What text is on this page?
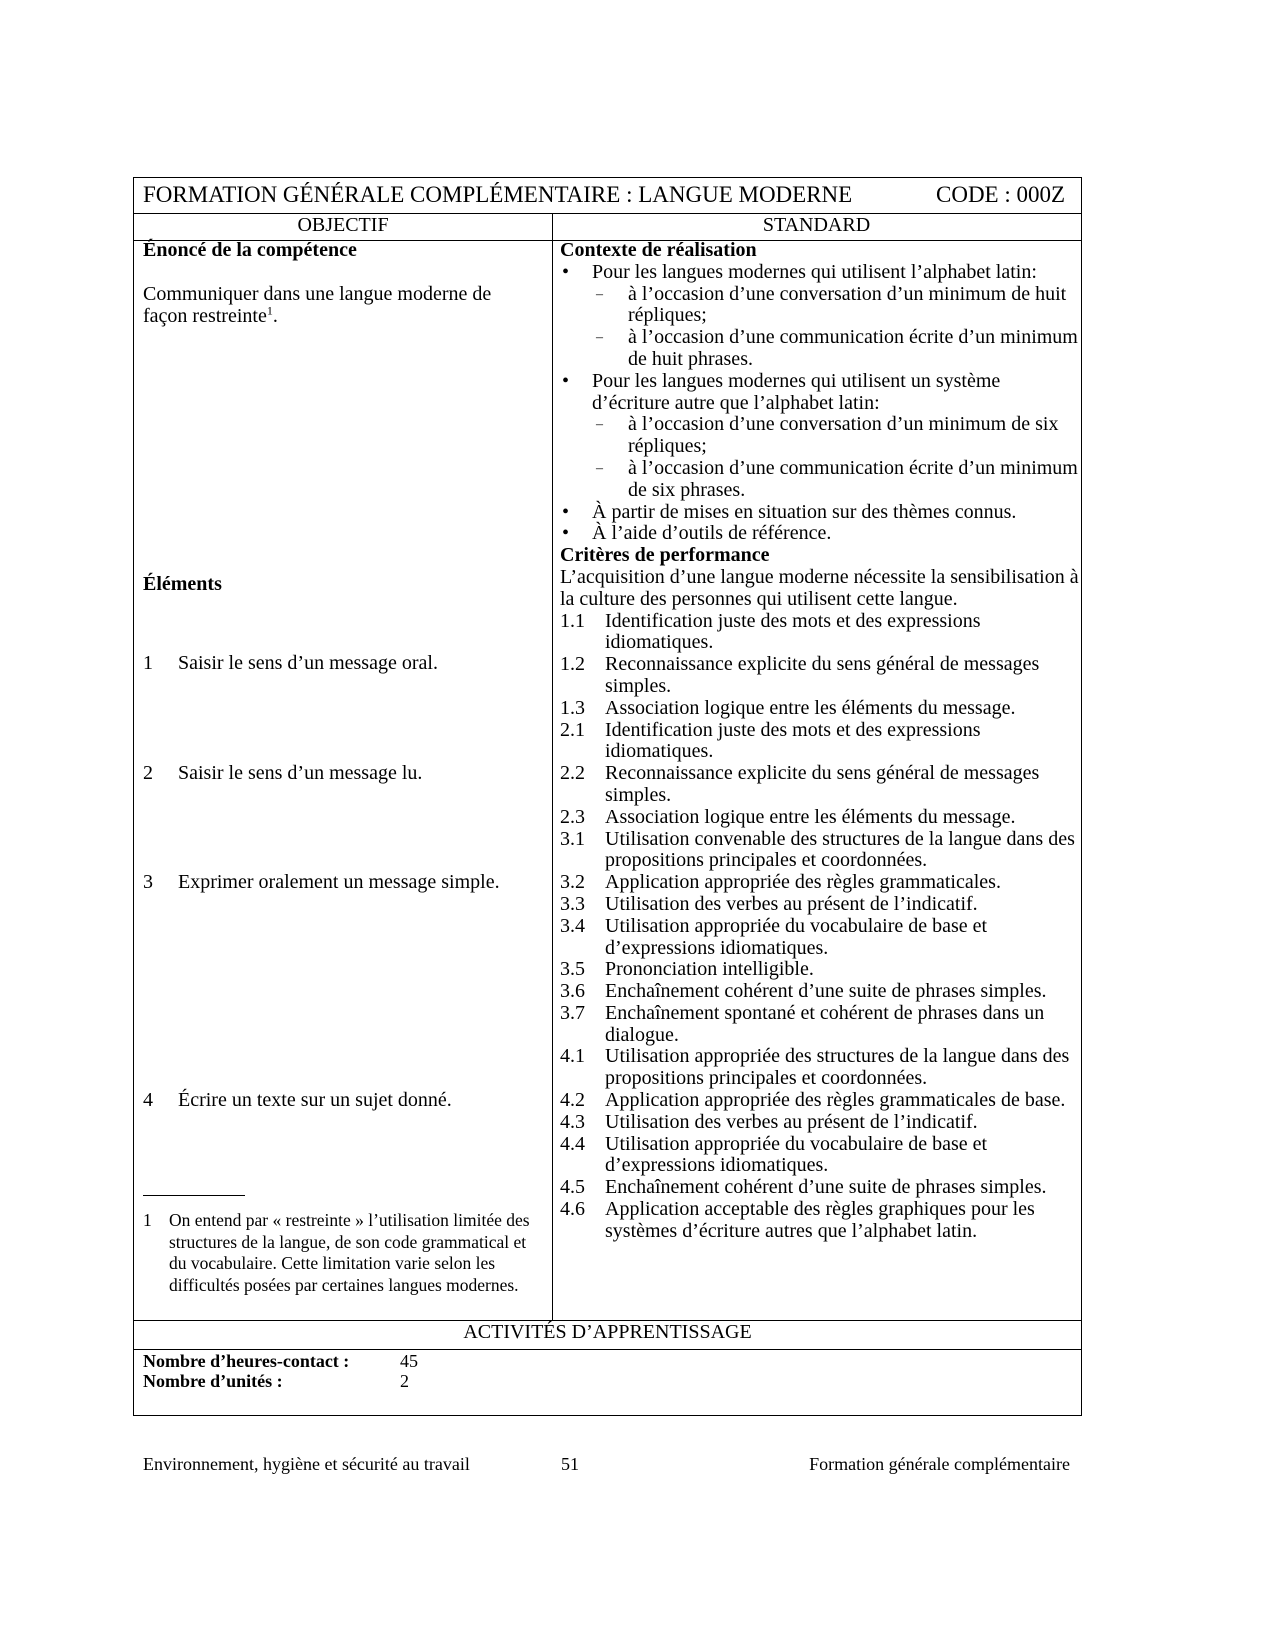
FORMATION GÉNÉRALE COMPLÉMENTAIRE : LANGUE MODERNE	CODE : 000Z
OBJECTIF	STANDARD
Énoncé de la compétence
Communiquer dans une langue moderne de façon restreinte$^1$.
Éléments
1 Saisir le sens d’un message oral.
2 Saisir le sens d’un message lu.
3 Exprimer oralement un message simple.
4 Écrire un texte sur un sujet donné.
1 On entend par « restreinte » l’utilisation limitée des structures de la langue, de son code grammatical et du vocabulaire. Cette limitation varie selon les difficultés posées par certaines langues modernes.
Contexte de réalisation
• Pour les langues modernes qui utilisent l’alphabet latin:
– à l’occasion d’une conversation d’un minimum de huit répliques;
– à l’occasion d’une communication écrite d’un minimum de huit phrases.
• Pour les langues modernes qui utilisent un système d’écriture autre que l’alphabet latin:
– à l’occasion d’une conversation d’un minimum de six répliques;
– à l’occasion d’une communication écrite d’un minimum de six phrases.
• À partir de mises en situation sur des thèmes connus.
• À l’aide d’outils de référence.
Critères de performance
L’acquisition d’une langue moderne nécessite la sensibilisation à la culture des personnes qui utilisent cette langue.
1.1 Identification juste des mots et des expressions idiomatiques.
1.2 Reconnaissance explicite du sens général de messages simples.
1.3 Association logique entre les éléments du message.
2.1 Identification juste des mots et des expressions idiomatiques.
2.2 Reconnaissance explicite du sens général de messages simples.
2.3 Association logique entre les éléments du message.
3.1 Utilisation convenable des structures de la langue dans des propositions principales et coordonnées.
3.2 Application appropriée des règles grammaticales.
3.3 Utilisation des verbes au présent de l’indicatif.
3.4 Utilisation appropriée du vocabulaire de base et d’expressions idiomatiques.
3.5 Prononciation intelligible.
3.6 Enchaînement cohérent d’une suite de phrases simples.
3.7 Enchaînement spontané et cohérent de phrases dans un dialogue.
4.1 Utilisation appropriée des structures de la langue dans des propositions principales et coordonnées.
4.2 Application appropriée des règles grammaticales de base.
4.3 Utilisation des verbes au présent de l’indicatif.
4.4 Utilisation appropriée du vocabulaire de base et d’expressions idiomatiques.
4.5 Enchaînement cohérent d’une suite de phrases simples.
4.6 Application acceptable des règles graphiques pour les systèmes d’écriture autres que l’alphabet latin.
ACTIVITÉS D’APPRENTISSAGE
Nombre d’heures-contact :	45
Nombre d’unités :	2
Environnement, hygiène et sécurité au travail	51	Formation générale complémentaire
